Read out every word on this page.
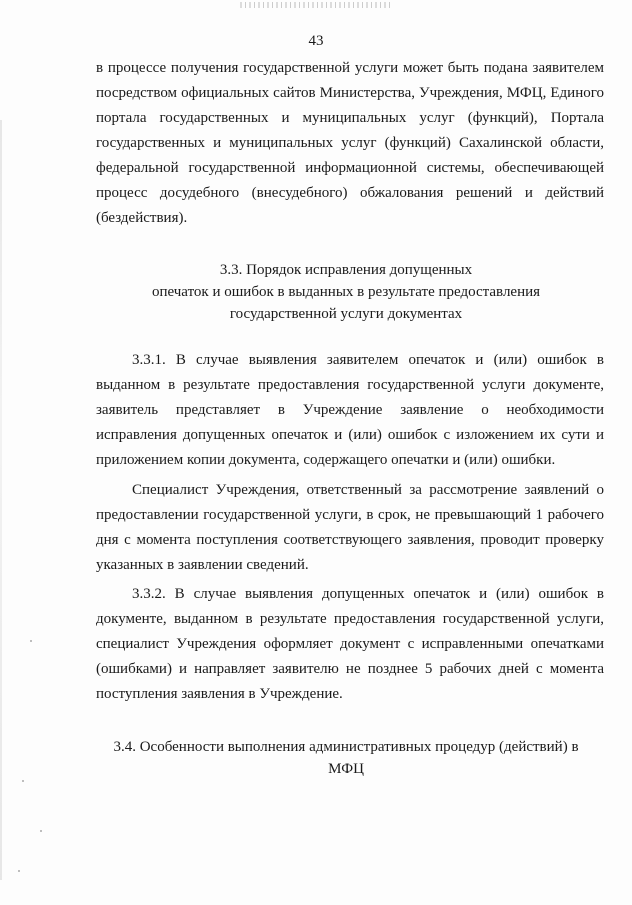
43

в процессе получения государственной услуги может быть подана заявителем посредством официальных сайтов Министерства, Учреждения, МФЦ, Единого портала государственных и муниципальных услуг (функций), Портала государственных и муниципальных услуг (функций) Сахалинской области, федеральной государственной информационной системы, обеспечивающей процесс досудебного (внесудебного) обжалования решений и действий (бездействия).

3.3. Порядок исправления допущенных
опечаток и ошибок в выданных в результате предоставления
государственной услуги документах

3.3.1. В случае выявления заявителем опечаток и (или) ошибок в выданном в результате предоставления государственной услуги документе, заявитель представляет в Учреждение заявление о необходимости исправления допущенных опечаток и (или) ошибок с изложением их сути и приложением копии документа, содержащего опечатки и (или) ошибки.

Специалист Учреждения, ответственный за рассмотрение заявлений о предоставлении государственной услуги, в срок, не превышающий 1 рабочего дня с момента поступления соответствующего заявления, проводит проверку указанных в заявлении сведений.

3.3.2. В случае выявления допущенных опечаток и (или) ошибок в документе, выданном в результате предоставления государственной услуги, специалист Учреждения оформляет документ с исправленными опечатками (ошибками) и направляет заявителю не позднее 5 рабочих дней с момента поступления заявления в Учреждение.

3.4. Особенности выполнения административных процедур (действий) в
МФЦ
